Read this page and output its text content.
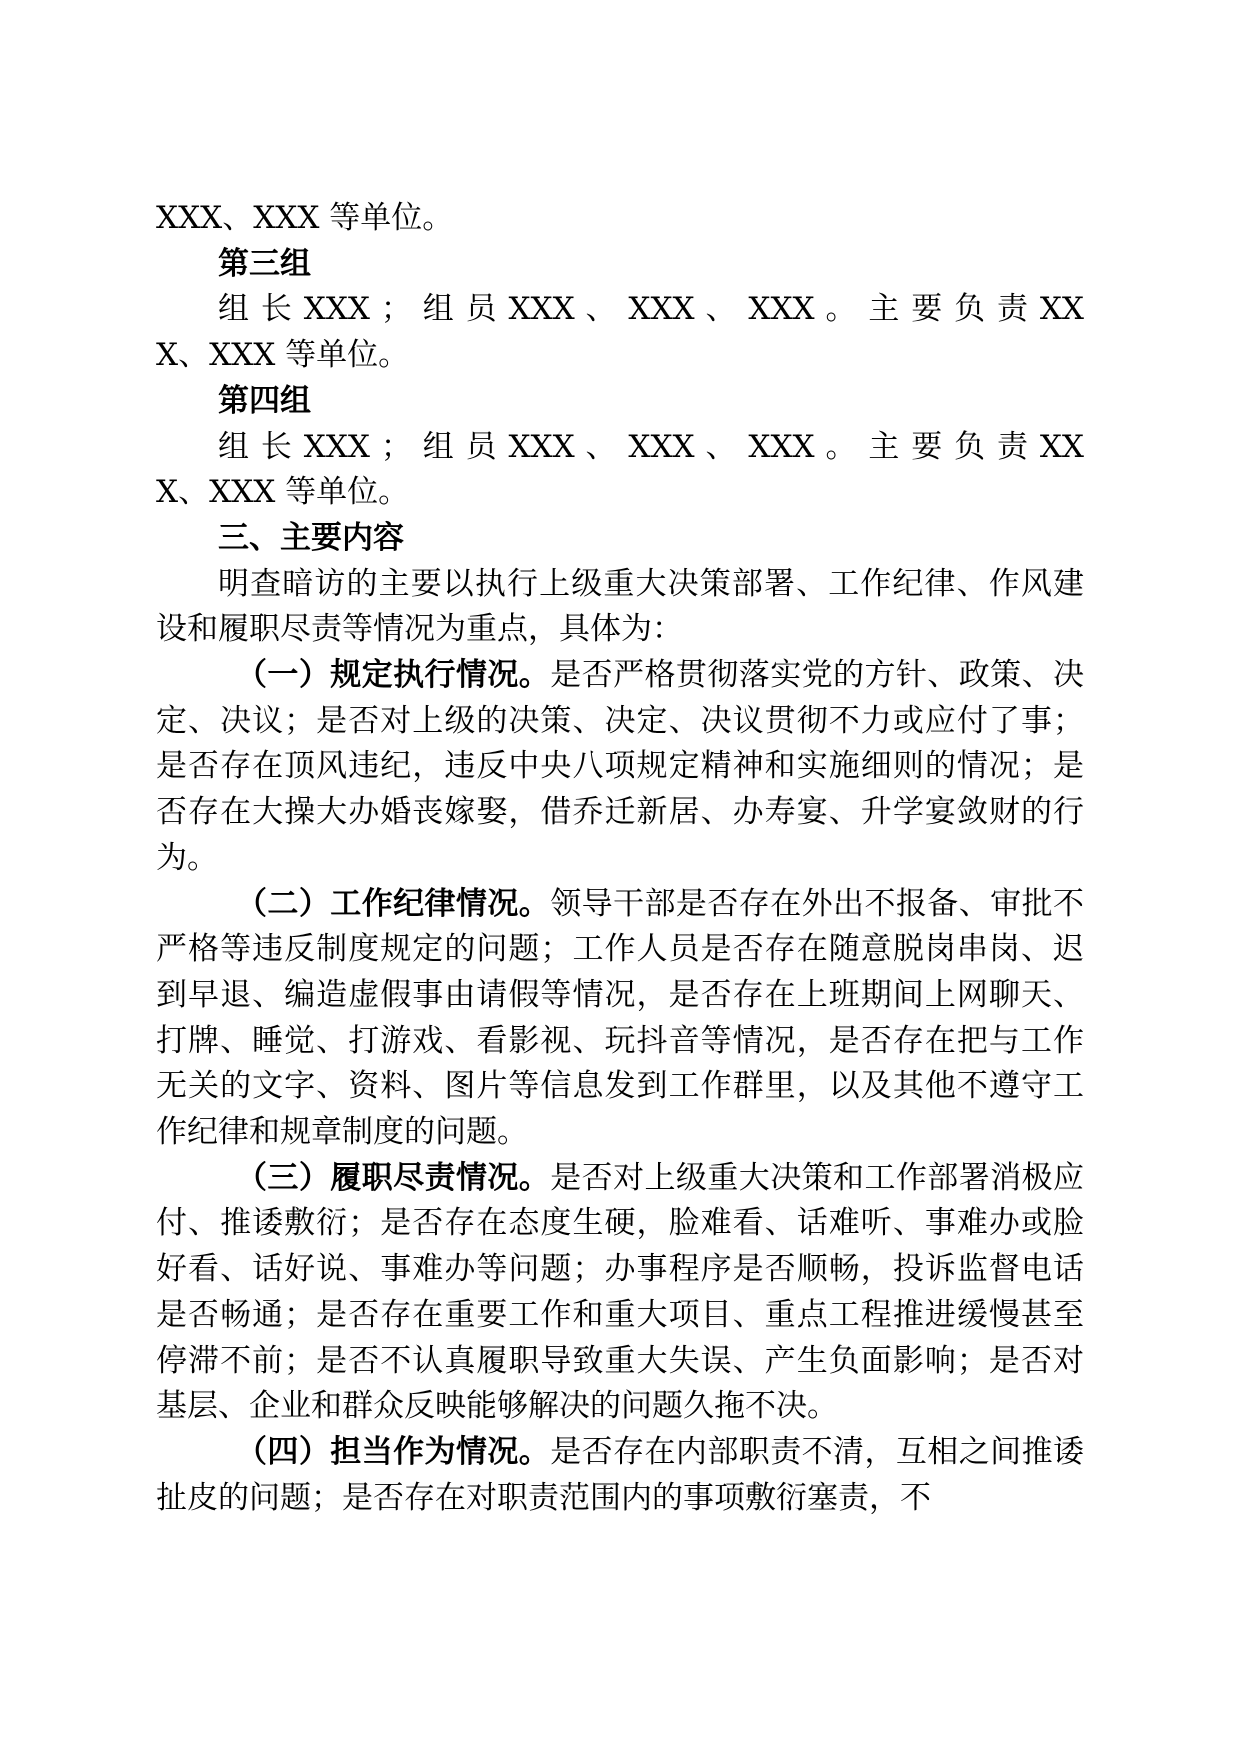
XXX、XXX 等单位。

第三组

组 长 XXX ； 组 员 XXX 、 XXX 、 XXX 。 主 要 负 责 XXX、XXX 等单位。

第四组

组 长 XXX ； 组 员 XXX 、 XXX 、 XXX 。 主 要 负 责 XXX、XXX 等单位。

三、主要内容

明查暗访的主要以执行上级重大决策部署、工作纪律、作风建设和履职尽责等情况为重点，具体为：

（一）规定执行情况。是否严格贯彻落实党的方针、政策、决定、决议；是否对上级的决策、决定、决议贯彻不力或应付了事；是否存在顶风违纪，违反中央八项规定精神和实施细则的情况；是否存在大操大办婚丧嫁娶，借乔迁新居、办寿宴、升学宴敛财的行为。

（二）工作纪律情况。领导干部是否存在外出不报备、审批不严格等违反制度规定的问题；工作人员是否存在随意脱岗串岗、迟到早退、编造虚假事由请假等情况，是否存在上班期间上网聊天、打牌、睡觉、打游戏、看影视、玩抖音等情况，是否存在把与工作无关的文字、资料、图片等信息发到工作群里，以及其他不遵守工作纪律和规章制度的问题。

（三）履职尽责情况。是否对上级重大决策和工作部署消极应付、推诿敷衍；是否存在态度生硬，脸难看、话难听、事难办或脸好看、话好说、事难办等问题；办事程序是否顺畅，投诉监督电话是否畅通；是否存在重要工作和重大项目、重点工程推进缓慢甚至停滞不前；是否不认真履职导致重大失误、产生负面影响；是否对基层、企业和群众反映能够解决的问题久拖不决。

（四）担当作为情况。是否存在内部职责不清，互相之间推诿扯皮的问题；是否存在对职责范围内的事项敷衍塞责，不
